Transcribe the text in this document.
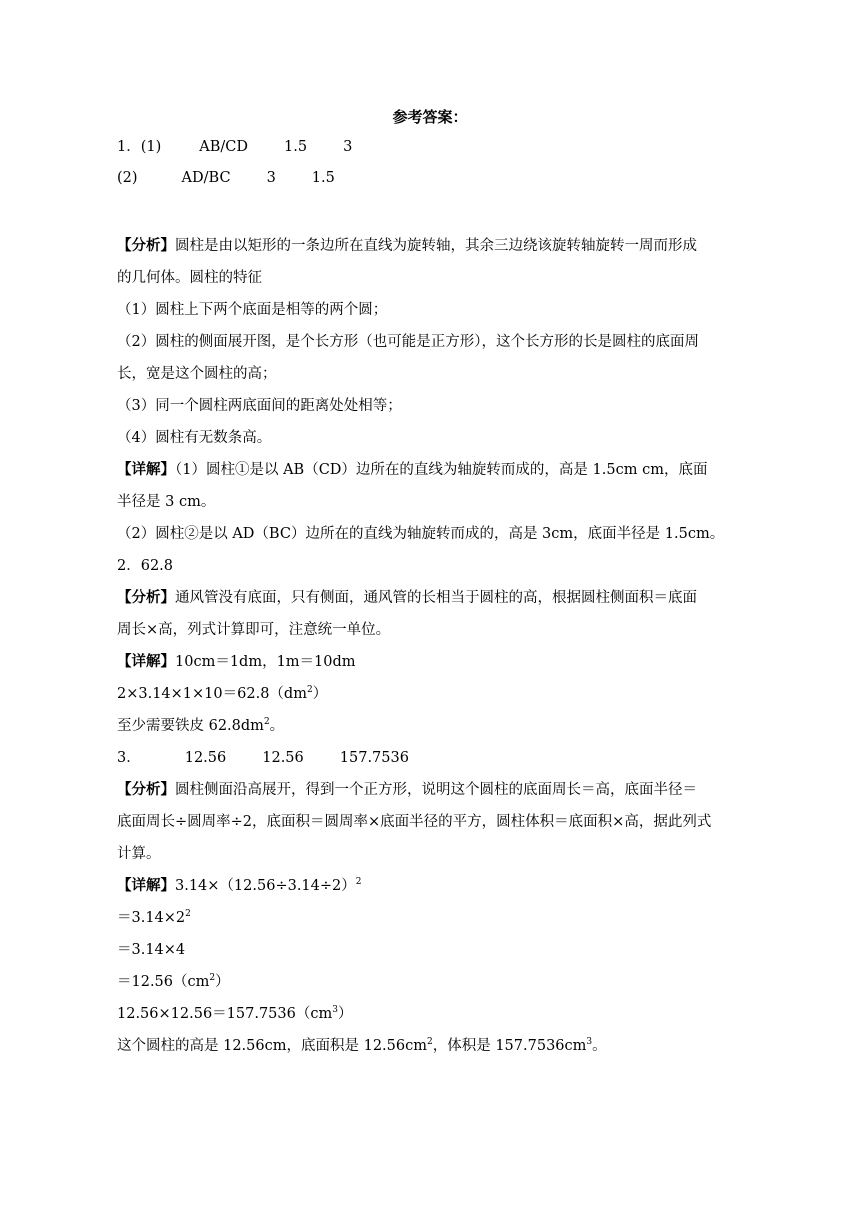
参考答案：
1．(1)	AB/CD 1.5 3
(2)	AD/BC 3 1.5
【分析】圆柱是由以矩形的一条边所在直线为旋转轴，其余三边绕该旋转轴旋转一周而形成
的几何体。圆柱的特征
（1）圆柱上下两个底面是相等的两个圆；
（2）圆柱的侧面展开图，是个长方形（也可能是正方形），这个长方形的长是圆柱的底面周
长，宽是这个圆柱的高；
（3）同一个圆柱两底面间的距离处处相等；
（4）圆柱有无数条高。
【详解】（1）圆柱①是以 AB（CD）边所在的直线为轴旋转而成的，高是 1.5cm cm，底面
半径是 3 cm。
（2）圆柱②是以 AD（BC）边所在的直线为轴旋转而成的，高是 3cm，底面半径是 1.5cm。
2．62.8
【分析】通风管没有底面，只有侧面，通风管的长相当于圆柱的高，根据圆柱侧面积＝底面
周长×高，列式计算即可，注意统一单位。
【详解】10cm＝1dm，1m＝10dm
$2\times 3.14\times 1\times 10=62.8(dm^2)$
至少需要铁皮 $62.8dm^2$。
3．	12.56 12.56 157.7536
【分析】圆柱侧面沿高展开，得到一个正方形，说明这个圆柱的底面周长＝高，底面半径＝
底面周长÷圆周率÷2，底面积＝圆周率×底面半径的平方，圆柱体积＝底面积×高，据此列式
计算。
【详解】$3.14\times(12.56\div 3.14\div 2)^2$
$=3.14\times 2^2$
＝3.14×4
$=12.56(cm^2)$
$12.56\times 12.56=157.7536(cm^3)$
这个圆柱的高是 12.56cm，底面积是 $12.56cm^2$，体积是 $157.7536cm^3$。
